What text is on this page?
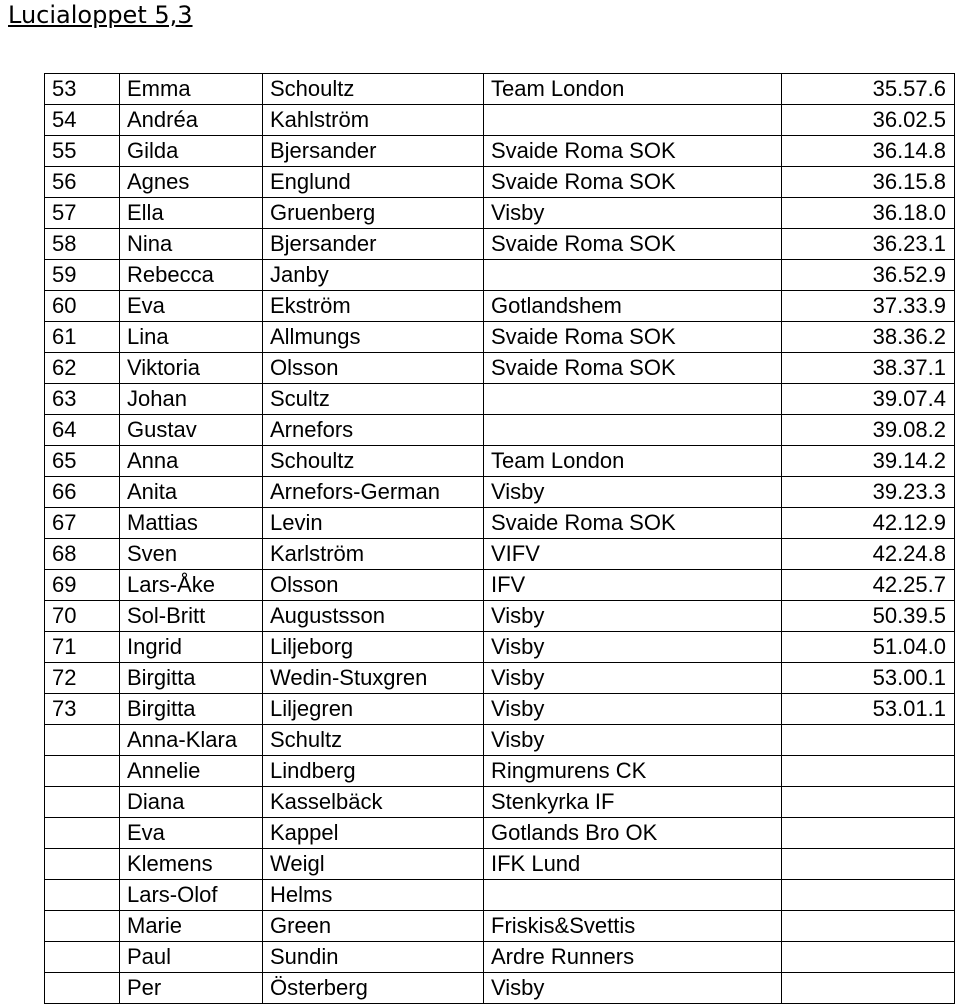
Lucialoppet 5,3
53	Emma	Schoultz	Team London	35.57.6
54	Andréa	Kahlström		36.02.5
55	Gilda	Bjersander	Svaide Roma SOK	36.14.8
56	Agnes	Englund	Svaide Roma SOK	36.15.8
57	Ella	Gruenberg	Visby	36.18.0
58	Nina	Bjersander	Svaide Roma SOK	36.23.1
59	Rebecca	Janby		36.52.9
60	Eva	Ekström	Gotlandshem	37.33.9
61	Lina	Allmungs	Svaide Roma SOK	38.36.2
62	Viktoria	Olsson	Svaide Roma SOK	38.37.1
63	Johan	Scultz		39.07.4
64	Gustav	Arnefors		39.08.2
65	Anna	Schoultz	Team London	39.14.2
66	Anita	Arnefors-German	Visby	39.23.3
67	Mattias	Levin	Svaide Roma SOK	42.12.9
68	Sven	Karlström	VIFV	42.24.8
69	Lars-Åke	Olsson	IFV	42.25.7
70	Sol-Britt	Augustsson	Visby	50.39.5
71	Ingrid	Liljeborg	Visby	51.04.0
72	Birgitta	Wedin-Stuxgren	Visby	53.00.1
73	Birgitta	Liljegren	Visby	53.01.1
	Anna-Klara	Schultz	Visby	
	Annelie	Lindberg	Ringmurens CK	
	Diana	Kasselbäck	Stenkyrka IF	
	Eva	Kappel	Gotlands Bro OK	
	Klemens	Weigl	IFK Lund	
	Lars-Olof	Helms		
	Marie	Green	Friskis&Svettis	
	Paul	Sundin	Ardre Runners	
	Per	Österberg	Visby	
